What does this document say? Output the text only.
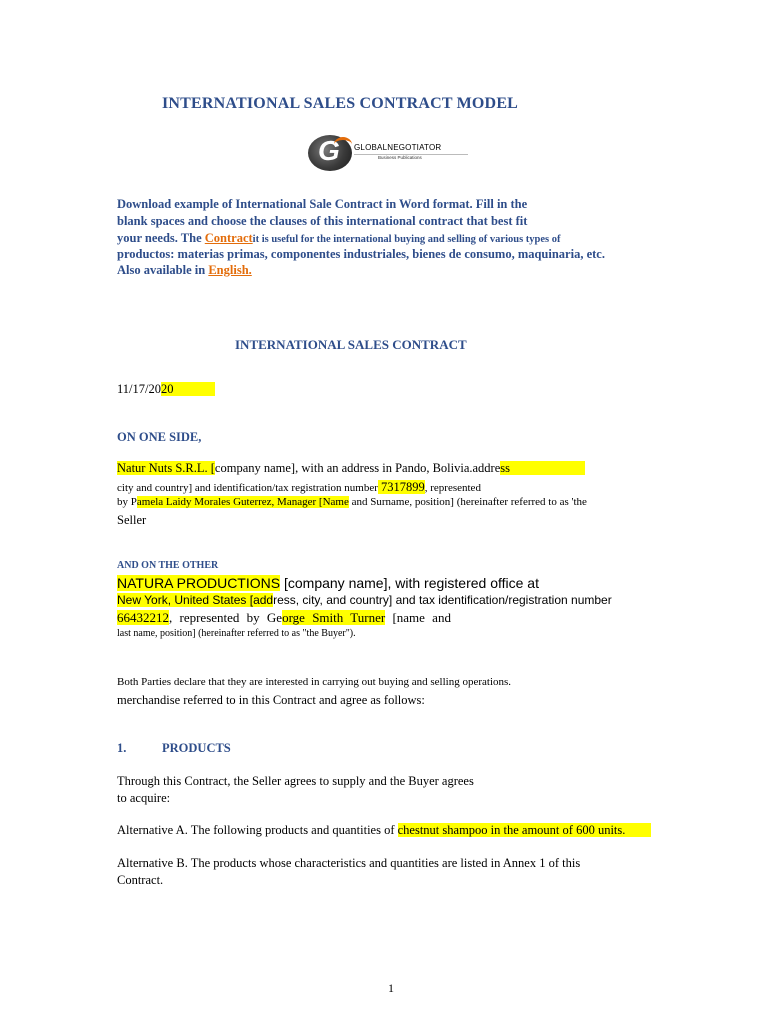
INTERNATIONAL SALES CONTRACT MODEL
G GLOBALNEGOTIATOR
Business Publications
Download example of International Sale Contract in Word format. Fill in the
blank spaces and choose the clauses of this international contract that best fit
your needs. The Contractit is useful for the international buying and selling of various types of
productos: materias primas, componentes industriales, bienes de consumo, maquinaria, etc.
Also available in English.
INTERNATIONAL SALES CONTRACT
11/17/2020
ON ONE SIDE,
Natur Nuts S.R.L. [company name], with an address in Pando, Bolivia.address
city and country] and identification/tax registration number 7317899, represented
by Pamela Laidy Morales Guterrez, Manager [Name and Surname, position] (hereinafter referred to as 'the
Seller
AND ON THE OTHER
NATURA PRODUCTIONS [company name], with registered office at
New York, United States [address, city, and country] and tax identification/registration number
66432212, represented by George Smith Turner [name and
last name, position] (hereinafter referred to as "the Buyer").
Both Parties declare that they are interested in carrying out buying and selling operations.
merchandise referred to in this Contract and agree as follows:
1.	PRODUCTS
Through this Contract, the Seller agrees to supply and the Buyer agrees
to acquire:
Alternative A. The following products and quantities of chestnut shampoo in the amount of 600 units.
Alternative B. The products whose characteristics and quantities are listed in Annex 1 of this
Contract.
1
